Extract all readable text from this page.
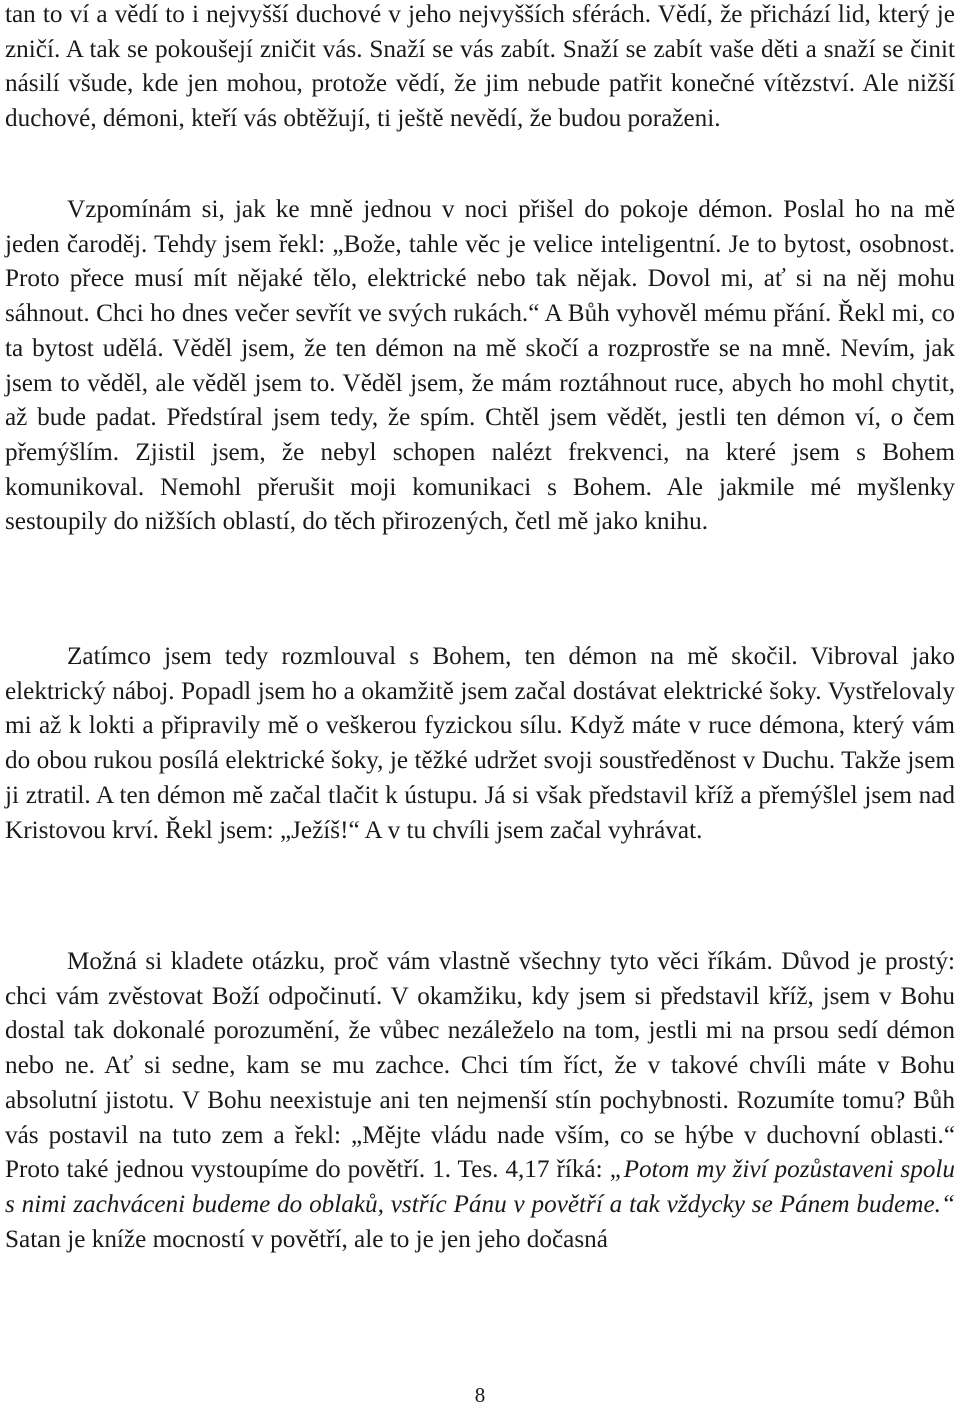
tan to ví a vědí to i nejvyšší duchové v jeho nejvyšších sférách. Vědí, že přichází lid, který je zničí. A tak se pokoušejí zničit vás. Snaží se vás zabít. Snaží se zabít vaše děti a snaží se činit násilí všude, kde jen mohou, protože vědí, že jim nebude patřit konečné vítězství. Ale nižší duchové, démoni, kteří vás obtěžují, ti ještě nevědí, že budou poraženi.

Vzpomínám si, jak ke mně jednou v noci přišel do pokoje démon. Poslal ho na mě jeden čaroděj. Tehdy jsem řekl: „Bože, tahle věc je velice inteligentní. Je to bytost, osobnost. Proto přece musí mít nějaké tělo, elektrické nebo tak nějak. Dovol mi, ať si na něj mohu sáhnout. Chci ho dnes večer sevřít ve svých rukách.“ A Bůh vyhověl mému přání. Řekl mi, co ta bytost udělá. Věděl jsem, že ten démon na mě skočí a rozprostře se na mně. Nevím, jak jsem to věděl, ale věděl jsem to. Věděl jsem, že mám roztáhnout ruce, abych ho mohl chytit, až bude padat. Předstíral jsem tedy, že spím. Chtěl jsem vědět, jestli ten démon ví, o čem přemýšlím. Zjistil jsem, že nebyl schopen nalézt frekvenci, na které jsem s Bohem komunikoval. Nemohl přerušit moji komunikaci s Bohem. Ale jakmile mé myšlenky sestoupily do nižších oblastí, do těch přirozených, četl mě jako knihu.

Zatímco jsem tedy rozmlouval s Bohem, ten démon na mě skočil. Vibroval jako elektrický náboj. Popadl jsem ho a okamžitě jsem začal dostávat elektrické šoky. Vystřelovaly mi až k lokti a připravily mě o veškerou fyzickou sílu. Když máte v ruce démona, který vám do obou rukou posílá elektrické šoky, je těžké udržet svoji soustředěnost v Duchu. Takže jsem ji ztratil. A ten démon mě začal tlačit k ústupu. Já si však představil kříž a přemýšlel jsem nad Kristovou krví. Řekl jsem: „Ježíš!“ A v tu chvíli jsem začal vyhrávat.

Možná si kladete otázku, proč vám vlastně všechny tyto věci říkám. Důvod je prostý: chci vám zvěstovat Boží odpočinutí. V okamžiku, kdy jsem si představil kříž, jsem v Bohu dostal tak dokonalé porozumění, že vůbec nezáleželo na tom, jestli mi na prsou sedí démon nebo ne. Ať si sedne, kam se mu zachce. Chci tím říct, že v takové chvíli máte v Bohu absolutní jistotu. V Bohu neexistuje ani ten nejmenší stín pochybnosti. Rozumíte tomu? Bůh vás postavil na tuto zem a řekl: „Mějte vládu nade vším, co se hýbe v duchovní oblasti.“ Proto také jednou vystoupíme do povětří. 1. Tes. 4,17 říká: „Potom my živí pozůstaveni spolu s nimi zachváceni budeme do oblaků, vstříc Pánu v povětří a tak vždycky se Pánem budeme.“ Satan je kníže mocností v povětří, ale to je jen jeho dočasná

8
